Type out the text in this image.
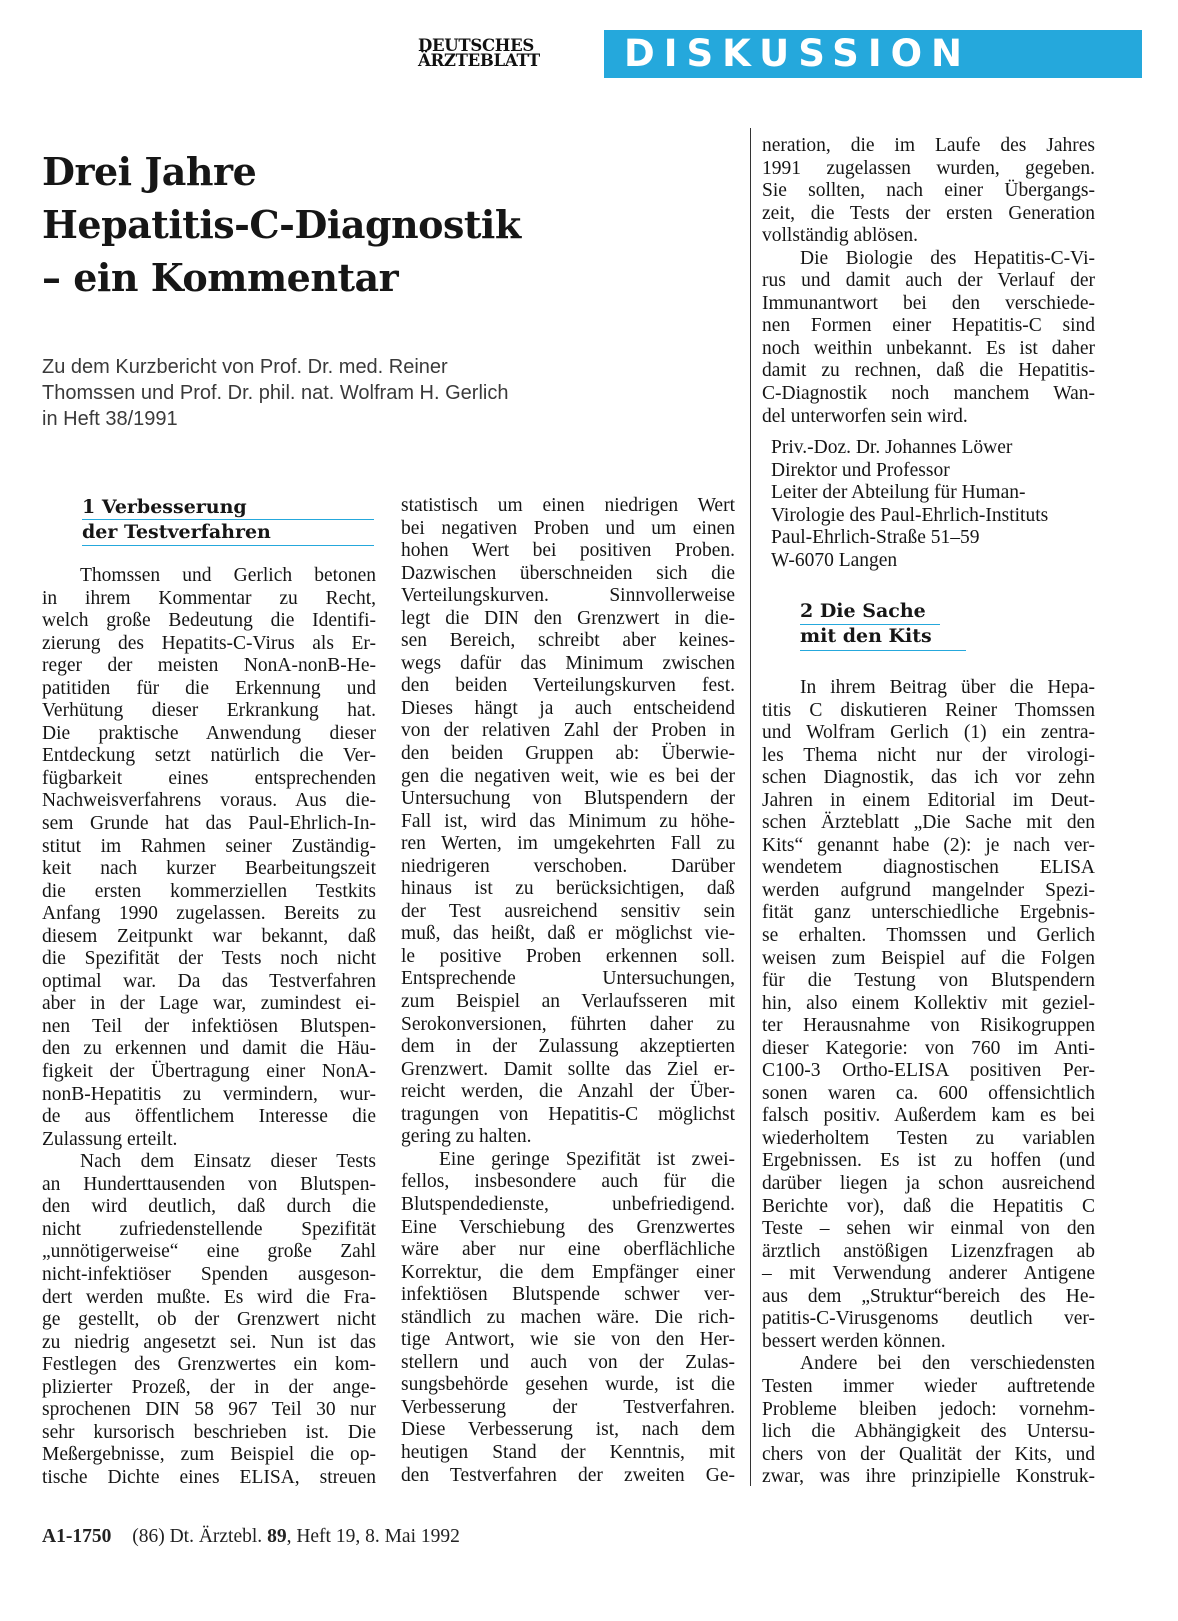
DEUTSCHES
ÄRZTEBLATT	DISKUSSION
Drei Jahre
Hepatitis-C-Diagnostik
– ein Kommentar
Zu dem Kurzbericht von Prof. Dr. med. Reiner
Thomssen und Prof. Dr. phil. nat. Wolfram H. Gerlich
in Heft 38/1991
1 Verbesserung
der Testverfahren
Thomssen und Gerlich betonen
in ihrem Kommentar zu Recht,
welch große Bedeutung die Identifi-
zierung des Hepatits-C-Virus als Er-
reger der meisten NonA-nonB-He-
patitiden für die Erkennung und
Verhütung dieser Erkrankung hat.
Die praktische Anwendung dieser
Entdeckung setzt natürlich die Ver-
fügbarkeit eines entsprechenden
Nachweisverfahrens voraus. Aus die-
sem Grunde hat das Paul-Ehrlich-In-
stitut im Rahmen seiner Zuständig-
keit nach kurzer Bearbeitungszeit
die ersten kommerziellen Testkits
Anfang 1990 zugelassen. Bereits zu
diesem Zeitpunkt war bekannt, daß
die Spezifität der Tests noch nicht
optimal war. Da das Testverfahren
aber in der Lage war, zumindest ei-
nen Teil der infektiösen Blutspen-
den zu erkennen und damit die Häu-
figkeit der Übertragung einer NonA-
nonB-Hepatitis zu vermindern, wur-
de aus öffentlichem Interesse die
Zulassung erteilt.
Nach dem Einsatz dieser Tests
an Hunderttausenden von Blutspen-
den wird deutlich, daß durch die
nicht zufriedenstellende Spezifität
„unnötigerweise“ eine große Zahl
nicht-infektiöser Spenden ausgeson-
dert werden mußte. Es wird die Fra-
ge gestellt, ob der Grenzwert nicht
zu niedrig angesetzt sei. Nun ist das
Festlegen des Grenzwertes ein kom-
plizierter Prozeß, der in der ange-
sprochenen DIN 58 967 Teil 30 nur
sehr kursorisch beschrieben ist. Die
Meßergebnisse, zum Beispiel die op-
tische Dichte eines ELISA, streuen
statistisch um einen niedrigen Wert
bei negativen Proben und um einen
hohen Wert bei positiven Proben.
Dazwischen überschneiden sich die
Verteilungskurven. Sinnvollerweise
legt die DIN den Grenzwert in die-
sen Bereich, schreibt aber keines-
wegs dafür das Minimum zwischen
den beiden Verteilungskurven fest.
Dieses hängt ja auch entscheidend
von der relativen Zahl der Proben in
den beiden Gruppen ab: Überwie-
gen die negativen weit, wie es bei der
Untersuchung von Blutspendern der
Fall ist, wird das Minimum zu höhe-
ren Werten, im umgekehrten Fall zu
niedrigeren verschoben. Darüber
hinaus ist zu berücksichtigen, daß
der Test ausreichend sensitiv sein
muß, das heißt, daß er möglichst vie-
le positive Proben erkennen soll.
Entsprechende Untersuchungen,
zum Beispiel an Verlaufsseren mit
Serokonversionen, führten daher zu
dem in der Zulassung akzeptierten
Grenzwert. Damit sollte das Ziel er-
reicht werden, die Anzahl der Über-
tragungen von Hepatitis-C möglichst
gering zu halten.
Eine geringe Spezifität ist zwei-
fellos, insbesondere auch für die
Blutspendedienste, unbefriedigend.
Eine Verschiebung des Grenzwertes
wäre aber nur eine oberflächliche
Korrektur, die dem Empfänger einer
infektiösen Blutspende schwer ver-
ständlich zu machen wäre. Die rich-
tige Antwort, wie sie von den Her-
stellern und auch von der Zulas-
sungsbehörde gesehen wurde, ist die
Verbesserung der Testverfahren.
Diese Verbesserung ist, nach dem
heutigen Stand der Kenntnis, mit
den Testverfahren der zweiten Ge-
neration, die im Laufe des Jahres
1991 zugelassen wurden, gegeben.
Sie sollten, nach einer Übergangs-
zeit, die Tests der ersten Generation
vollständig ablösen.
Die Biologie des Hepatitis-C-Vi-
rus und damit auch der Verlauf der
Immunantwort bei den verschiede-
nen Formen einer Hepatitis-C sind
noch weithin unbekannt. Es ist daher
damit zu rechnen, daß die Hepatitis-
C-Diagnostik noch manchem Wan-
del unterworfen sein wird.
Priv.-Doz. Dr. Johannes Löwer
Direktor und Professor
Leiter der Abteilung für Human-
Virologie des Paul-Ehrlich-Instituts
Paul-Ehrlich-Straße 51–59
W-6070 Langen
2 Die Sache
mit den Kits
In ihrem Beitrag über die Hepa-
titis C diskutieren Reiner Thomssen
und Wolfram Gerlich (1) ein zentra-
les Thema nicht nur der virologi-
schen Diagnostik, das ich vor zehn
Jahren in einem Editorial im Deut-
schen Ärzteblatt „Die Sache mit den
Kits“ genannt habe (2): je nach ver-
wendetem diagnostischen ELISA
werden aufgrund mangelnder Spezi-
fität ganz unterschiedliche Ergebnis-
se erhalten. Thomssen und Gerlich
weisen zum Beispiel auf die Folgen
für die Testung von Blutspendern
hin, also einem Kollektiv mit geziel-
ter Herausnahme von Risikogruppen
dieser Kategorie: von 760 im Anti-
C100-3 Ortho-ELISA positiven Per-
sonen waren ca. 600 offensichtlich
falsch positiv. Außerdem kam es bei
wiederholtem Testen zu variablen
Ergebnissen. Es ist zu hoffen (und
darüber liegen ja schon ausreichend
Berichte vor), daß die Hepatitis C
Teste – sehen wir einmal von den
ärztlich anstößigen Lizenzfragen ab
– mit Verwendung anderer Antigene
aus dem „Struktur“bereich des He-
patitis-C-Virusgenoms deutlich ver-
bessert werden können.
Andere bei den verschiedensten
Testen immer wieder auftretende
Probleme bleiben jedoch: vornehm-
lich die Abhängigkeit des Untersu-
chers von der Qualität der Kits, und
zwar, was ihre prinzipielle Konstruk-
A1-1750 (86) Dt. Ärztebl. 89, Heft 19, 8. Mai 1992
